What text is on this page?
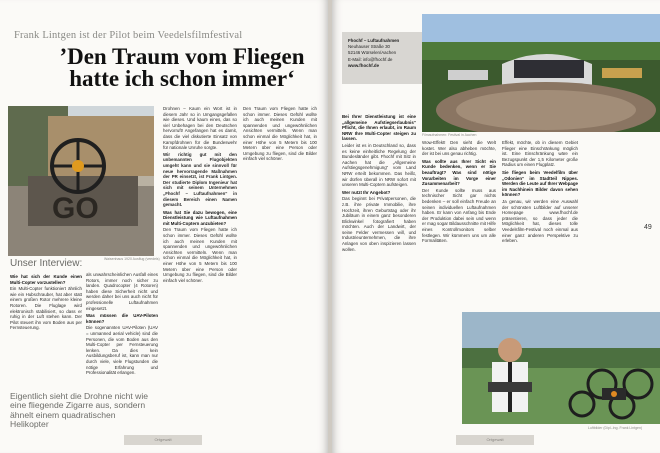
Frank Lintgen ist der Pilot beim Veedelsfilmfestival
’Den Traum vom Fliegen
hatte ich schon immer‘
GO
Waisenhaus 1920 Ausflug (veedels)
Unser Interview:

Wie hat sich der Kunde einen Multi-Copter vorzustellen?

Ein Multi-Copter funktioniert ähnlich wie ein Hubschrauber, hat aber statt einem großen Rotor mehrere kleine Rotoren. Die Fluglage wird elektronisch stabilisiert, so dass er ruhig in der Luft stehen kann. Der Pilot steuert ihn vom Boden aus per Fernsteuerung.

als unwahrscheinlichen Ausfall eines Rotors, immer noch sicher zu landen. Quadrocopter (4 Rotoren) haben diese Sicherheit nicht und werden daher bei uns auch nicht für professionelle Luftaufnahmen eingesetzt.

Was müssen die UAV-Piloten können?

Die sogenannten UAV-Piloten (UAV = unmanned aerial vehicle) sind die Personen, die vom Boden aus den Multi-Copter per Fernsteuerung lenken. Da dies kein Ausbildungsberuf ist, kann man nur durch viele, viele Flugstunden die nötige Erfahrung und Professionalität erlangen.

Drohnen – Kaum ein Wort ist in diesem Jahr so in Umgangsgefallen wie dieses. Und kaum eines, das so viel Unbehagen bei den Deutschen hervorruft! Angefangen hat es damit, dass die viel diskutierte Einsatz von Kampfdrohnen für die Bundeswehr für nationale Unruhe sorgte.

Wir richtig gut mit den unbemannten Flugobjekten umgeht kann und sie sinnvoll für neue hervorragende Maßnahmen der PR einsetzt, ist Frank Lintgen. Der studierte Diplom Ingenieur hat sich mit seinem Unternehmen „Fhochf – Luftaufnahmen“ in diesem Bereich einen Namen gemacht.

Was hat Sie dazu bewogen, eine Dienstleistung wie Luftaufnahmen mit Multi-Coptern anzubieten?

Den Traum vom Fliegen hatte ich schon immer. Dieses Gefühl wollte ich auch meinen Kunden mit spannenden und ungewöhnlichen Ansichten vermitteln. Wenn man schon einmal die Möglichkeit hat, in einer Höhe von 5 Metern bis 100 Metern über eine Person oder Umgebung zu fliegen, sind die Bilder einfach viel schöner.

Den Traum vom Fliegen hatte ich schon immer. Dieses Gefühl wollte ich auch meinen Kunden mit spannenden und ungewöhnlichen Ansichten vermitteln. Wenn man schon einmal die Möglichkeit hat, in einer Höhe von 5 Metern bis 100 Metern über eine Person oder Umgebung zu fliegen, sind die Bilder einfach viel schöner.

Eigentlich sieht die Drohne nicht wie eine fliegende Zigarre aus, sondern ähnelt einem quadratischen Helikopter
Ortgewalt
Fhochf – Luftaufnahmen
Neuhauser Straße 30
52146 Würselen/Aachen
E-Mail: info@fhochf.de
www.fhochf.de
Filmaufnahmen: Festival in Aachen

Bei Ihrer Dienstleistung ist eine „allgemeine Aufstiegserlaubnis“ Pflicht, die Ihnen erlaubt, im Raum NRW Ihre Multi-Copter steigen zu lassen.

Leider ist es in Deutschland so, dass es keine einheitliche Regelung der Bundesländer gibt. Fhochf mit Sitz in Aachen hat die „Allgemeine Aufstiegsgenehmigung“ vom Land NRW erteilt bekommen. Das heißt, wir dürfen überall in NRW sofort mit unseren Multi-Coptern aufsteigen.

Wer nutzt Ihr Angebot?

Das beginnt bei Privatpersonen, die z.B. ihre private Immobilie, ihre Hochzeit, ihren Geburtstag oder ihr Jubiläum in einem ganz besonderen Blickwinkel fotografiert haben möchten. Auch der Landwirt, der seine Felder vermessen will, und Industrieunternehmen, die ihre Anlagen von oben inspizieren lassen wollen.

Wow-Effekt! Den sieht die Welt kostet. Wer also abheben möchte, der ist bei uns genau richtig.

Was sollte aus Ihrer Sicht ein Kunde bedenken, wenn er Sie beauftragt? Was sind nötige Vorarbeiten im Vorge einer Zusammenarbeit?

Der Kunde sollte muss aus technischer Sicht gar nichts bedenken – er soll einfach Freude an seinen individuellen Luftaufnahmen haben. Er kann von Anfang bis Ende der Produktion dabei sein und wenn er mag sogar Bildausschnitte mit Hilfe eines Kontrollmonitors selber festlegen. Wir kümmern uns um alle Formalitäten.

Effekt, möchte, ob in diesem Gebiet Flieger eine Einschränkung möglich ist. Eine Einschränkung wäre ein Bezugspunkt der 1,5 Kilometer große Radius um einen Flugplatz.

Sie fliegen beim Veedelfilm über „Odonien“ im Stadtteil Nippes. Werden die Leute auf Ihrer Webpage im Nachhinein Bilder davon sehen können?

Ja genau, wir werden eine Auswahl der schönsten Luftbilder auf unserer Homepage www.fhochf.de präsentieren, so dass jeder die Möglichkeit hat, dieses tolle Veedelsfilm-Festival noch einmal aus einer ganz anderen Perspektive zu erleben.

Luftbilder (Dipl.-Ing. Frank Lintgen)
49
Ortgewalt
